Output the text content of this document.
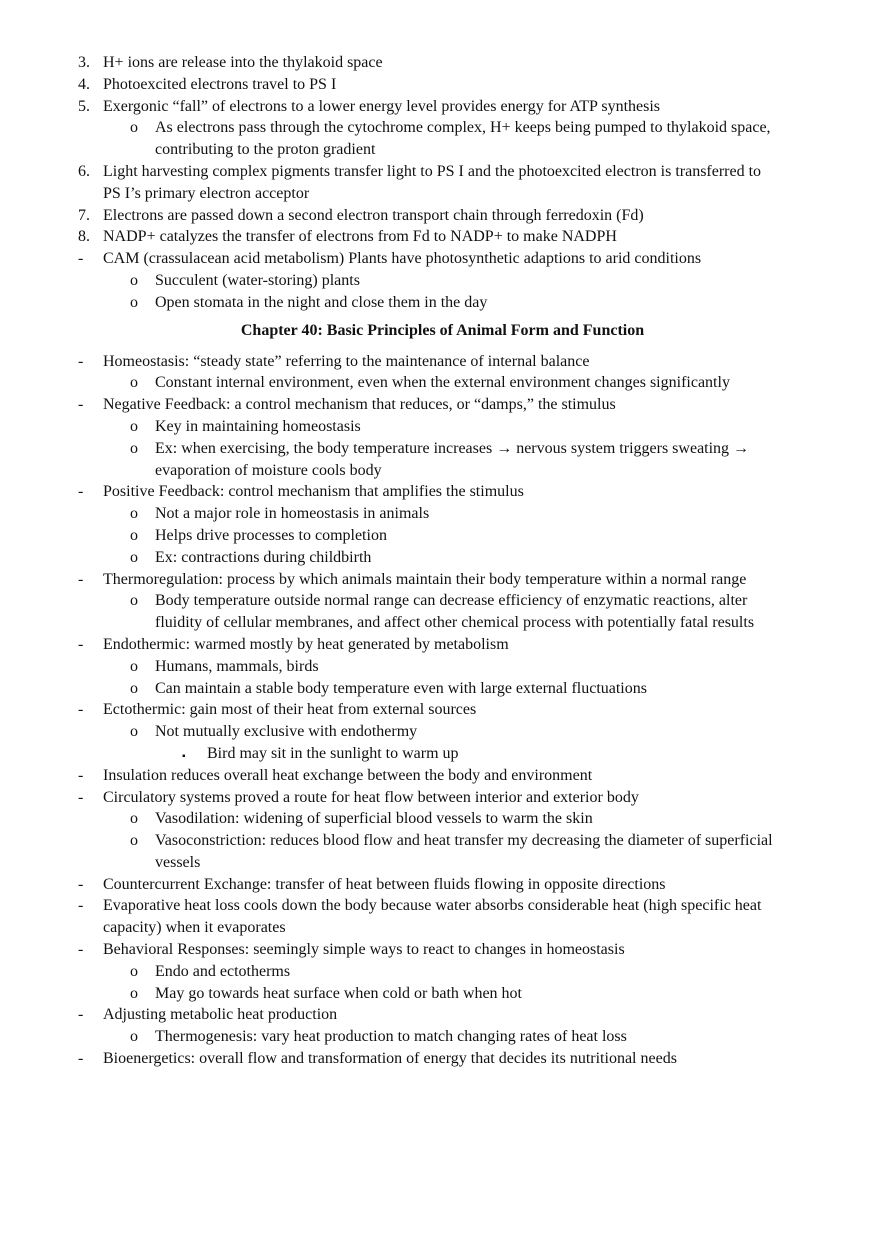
3. H+ ions are release into the thylakoid space
4. Photoexcited electrons travel to PS I
5. Exergonic “fall” of electrons to a lower energy level provides energy for ATP synthesis
o As electrons pass through the cytochrome complex, H+ keeps being pumped to thylakoid space,
contributing to the proton gradient
6. Light harvesting complex pigments transfer light to PS I and the photoexcited electron is transferred to
PS I’s primary electron acceptor
7. Electrons are passed down a second electron transport chain through ferredoxin (Fd)
8. NADP+ catalyzes the transfer of electrons from Fd to NADP+ to make NADPH
- CAM (crassulacean acid metabolism) Plants have photosynthetic adaptions to arid conditions
o Succulent (water-storing) plants
o Open stomata in the night and close them in the day
Chapter 40: Basic Principles of Animal Form and Function
- Homeostasis: “steady state” referring to the maintenance of internal balance
o Constant internal environment, even when the external environment changes significantly
- Negative Feedback: a control mechanism that reduces, or “damps,” the stimulus
o Key in maintaining homeostasis
o Ex: when exercising, the body temperature increases → nervous system triggers sweating →
evaporation of moisture cools body
- Positive Feedback: control mechanism that amplifies the stimulus
o Not a major role in homeostasis in animals
o Helps drive processes to completion
o Ex: contractions during childbirth
- Thermoregulation: process by which animals maintain their body temperature within a normal range
o Body temperature outside normal range can decrease efficiency of enzymatic reactions, alter
fluidity of cellular membranes, and affect other chemical process with potentially fatal results
- Endothermic: warmed mostly by heat generated by metabolism
o Humans, mammals, birds
o Can maintain a stable body temperature even with large external fluctuations
- Ectothermic: gain most of their heat from external sources
o Not mutually exclusive with endothermy
▪ Bird may sit in the sunlight to warm up
- Insulation reduces overall heat exchange between the body and environment
- Circulatory systems proved a route for heat flow between interior and exterior body
o Vasodilation: widening of superficial blood vessels to warm the skin
o Vasoconstriction: reduces blood flow and heat transfer my decreasing the diameter of superficial
vessels
- Countercurrent Exchange: transfer of heat between fluids flowing in opposite directions
- Evaporative heat loss cools down the body because water absorbs considerable heat (high specific heat
capacity) when it evaporates
- Behavioral Responses: seemingly simple ways to react to changes in homeostasis
o Endo and ectotherms
o May go towards heat surface when cold or bath when hot
- Adjusting metabolic heat production
o Thermogenesis: vary heat production to match changing rates of heat loss
- Bioenergetics: overall flow and transformation of energy that decides its nutritional needs
